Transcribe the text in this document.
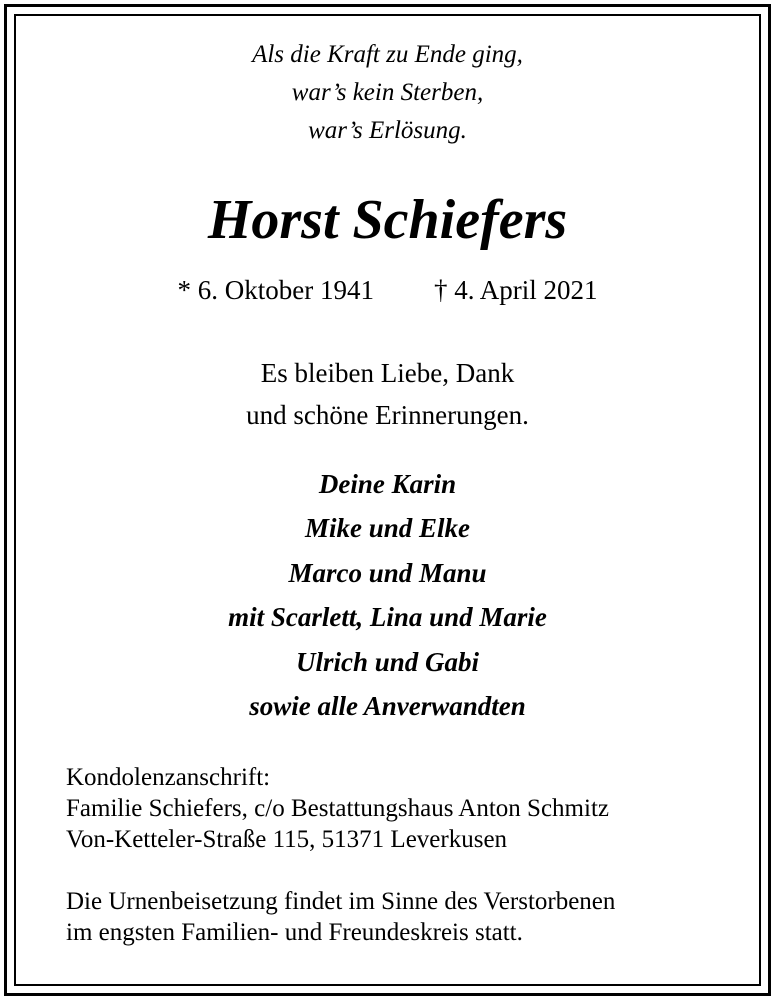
Als die Kraft zu Ende ging,
war’s kein Sterben,
war’s Erlösung.
Horst Schiefers
* 6. Oktober 1941 † 4. April 2021
Es bleiben Liebe, Dank
und schöne Erinnerungen.
Deine Karin
Mike und Elke
Marco und Manu
mit Scarlett, Lina und Marie
Ulrich und Gabi
sowie alle Anverwandten
Kondolenzanschrift:
Familie Schiefers, c/o Bestattungshaus Anton Schmitz
Von-Ketteler-Straße 115, 51371 Leverkusen
Die Urnenbeisetzung findet im Sinne des Verstorbenen
im engsten Familien- und Freundeskreis statt.
